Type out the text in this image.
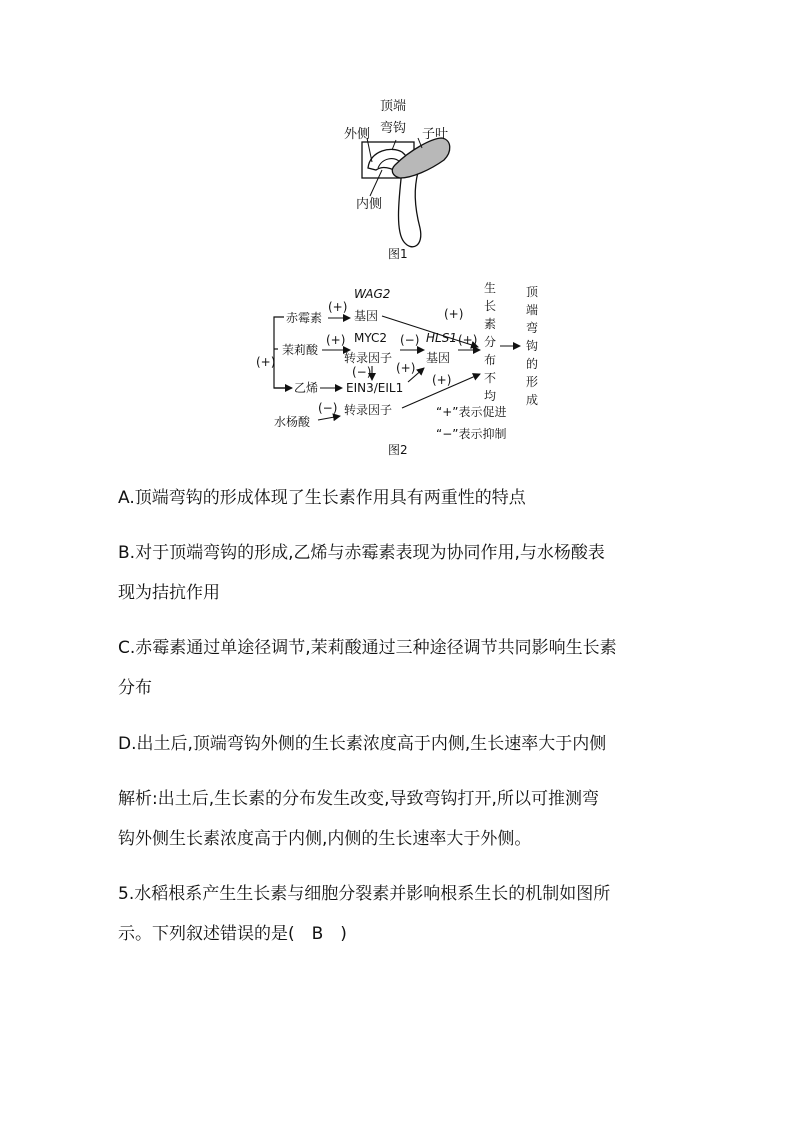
顶端
弯钩
外侧	子叶
内侧
图1
(+)
赤霉素
(+)
WAG2
基因	(+)
茉莉酸
(+) MYC2
转录因子
(−) HLS1
基因
(+)
(−)
乙烯 EIN3/EIL1
(+)
水杨酸
(−) 转录因子
(+)
生
长
素
分
布
不
均
顶
端
弯
钩
的
形
成
“+”表示促进
“−”表示抑制
图2
A.顶端弯钩的形成体现了生长素作用具有两重性的特点
B.对于顶端弯钩的形成,乙烯与赤霉素表现为协同作用,与水杨酸表
现为拮抗作用
C.赤霉素通过单途径调节,茉莉酸通过三种途径调节共同影响生长素
分布
D.出土后,顶端弯钩外侧的生长素浓度高于内侧,生长速率大于内侧
解析:出土后,生长素的分布发生改变,导致弯钩打开,所以可推测弯
钩外侧生长素浓度高于内侧,内侧的生长速率大于外侧。
5.水稻根系产生生长素与细胞分裂素并影响根系生长的机制如图所
示。下列叙述错误的是(　B　)
